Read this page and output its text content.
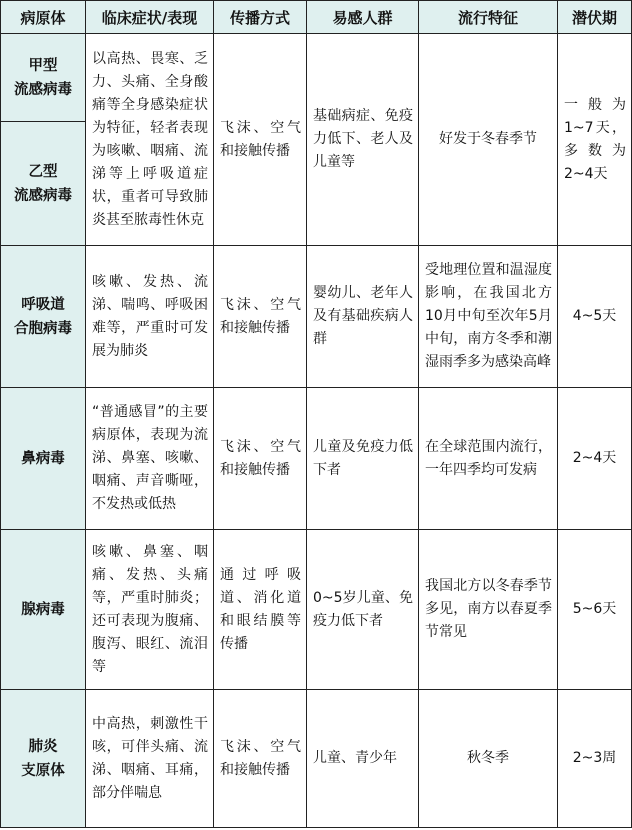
病原体	临床症状/表现	传播方式	易感人群	流行特征	潜伏期

甲型
流感病毒	以高热、畏寒、乏力、头痛、全身酸痛等全身感染症状为特征，轻者表现为咳嗽、咽痛、流涕等上呼吸道症状，重者可导致肺炎甚至脓毒性休克	飞沫、空气和接触传播	基础病症、免疫力低下、老人及儿童等	好发于冬春季节	一般为1~7天，多数为2~4天

乙型
流感病毒					

呼吸道
合胞病毒	咳嗽、发热、流涕、喘鸣、呼吸困难等，严重时可发展为肺炎	飞沫、空气和接触传播	婴幼儿、老年人及有基础疾病人群	受地理位置和温湿度影响，在我国北方10月中旬至次年5月中旬，南方冬季和潮湿雨季多为感染高峰	4~5天

鼻病毒	“普通感冒”的主要病原体，表现为流涕、鼻塞、咳嗽、咽痛、声音嘶哑，不发热或低热	飞沫、空气和接触传播	儿童及免疫力低下者	在全球范围内流行，一年四季均可发病	2~4天

腺病毒	咳嗽、鼻塞、咽痛、发热、头痛等，严重时肺炎；还可表现为腹痛、腹泻、眼红、流泪等	通过呼吸道、消化道和眼结膜等传播	0~5岁儿童、免疫力低下者	我国北方以冬春季节多见，南方以春夏季节常见	5~6天

肺炎
支原体	中高热，刺激性干咳，可伴头痛、流涕、咽痛、耳痛，部分伴喘息	飞沫、空气和接触传播	儿童、青少年	秋冬季	2~3周
